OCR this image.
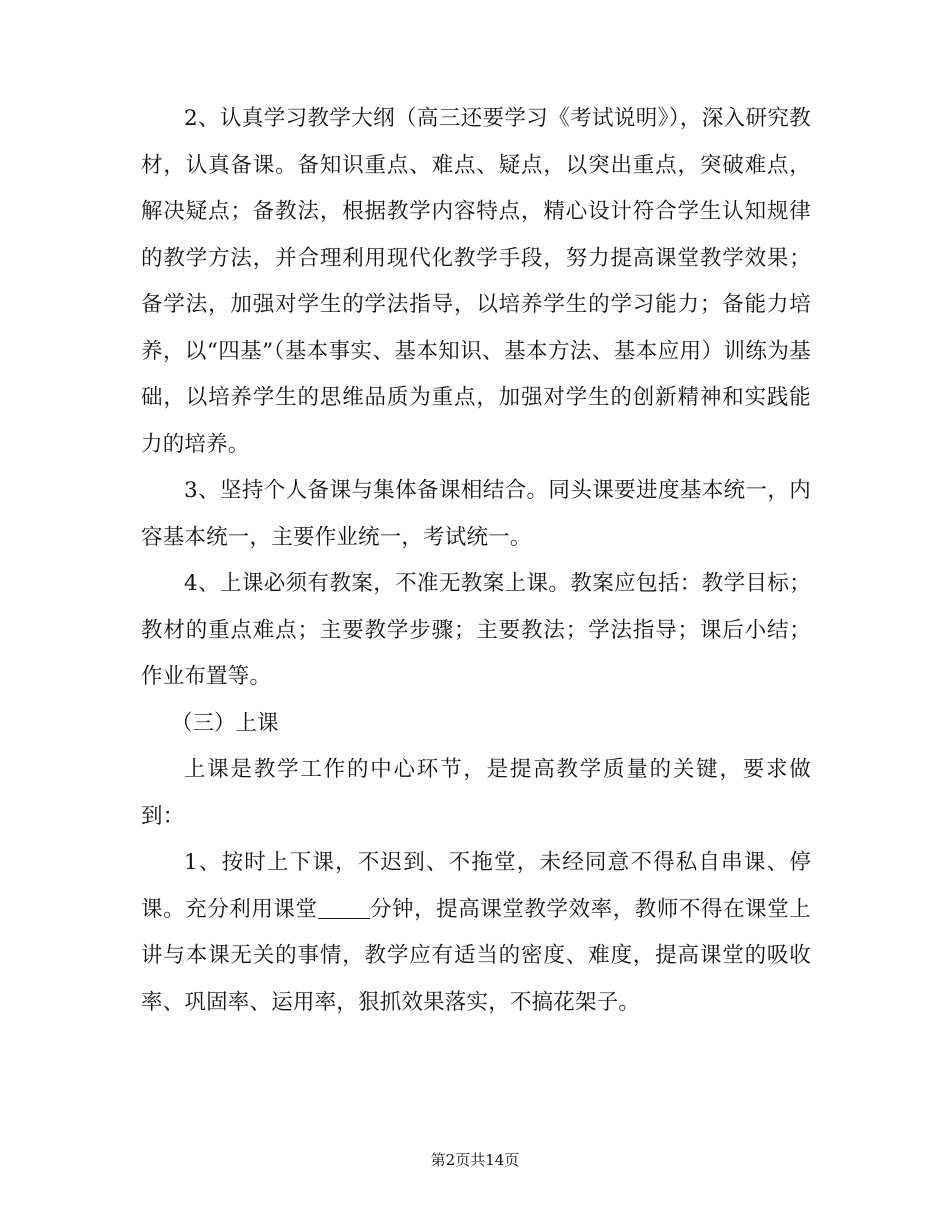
2、认真学习教学大纲（高三还要学习《考试说明》），深入研究教材，认真备课。备知识重点、难点、疑点，以突出重点，突破难点，解决疑点；备教法，根据教学内容特点，精心设计符合学生认知规律的教学方法，并合理利用现代化教学手段，努力提高课堂教学效果；备学法，加强对学生的学法指导，以培养学生的学习能力；备能力培养，以“四基”（基本事实、基本知识、基本方法、基本应用）训练为基础，以培养学生的思维品质为重点，加强对学生的创新精神和实践能力的培养。

3、坚持个人备课与集体备课相结合。同头课要进度基本统一，内容基本统一，主要作业统一，考试统一。

4、上课必须有教案，不准无教案上课。教案应包括：教学目标；教材的重点难点；主要教学步骤；主要教法；学法指导；课后小结；作业布置等。

（三）上课

上课是教学工作的中心环节，是提高教学质量的关键，要求做到：

1、按时上下课，不迟到、不拖堂，未经同意不得私自串课、停课。充分利用课堂 分钟，提高课堂教学效率，教师不得在课堂上讲与本课无关的事情，教学应有适当的密度、难度，提高课堂的吸收率、巩固率、运用率，狠抓效果落实，不搞花架子。

第2页共14页
